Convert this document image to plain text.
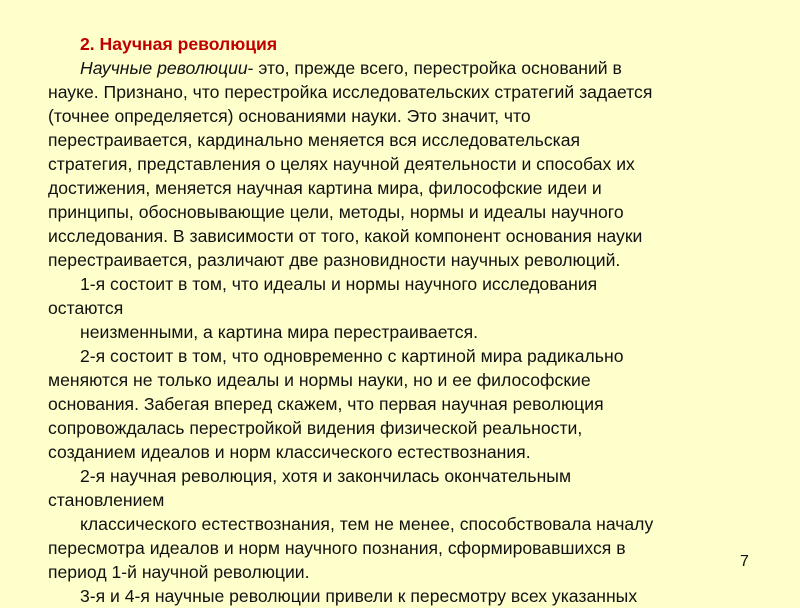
2. Научная революция
Научные революции- это, прежде всего, перестройка оснований в
науке. Признано, что перестройка исследовательских стратегий задается
(точнее определяется) основаниями науки. Это значит, что
перестраивается, кардинально меняется вся исследовательская
стратегия, представления о целях научной деятельности и способах их
достижения, меняется научная картина мира, философские идеи и
принципы, обосновывающие цели, методы, нормы и идеалы научного
исследования. В зависимости от того, какой компонент основания науки
перестраивается, различают две разновидности научных революций.
1-я состоит в том, что идеалы и нормы научного исследования
остаются
неизменными, а картина мира перестраивается.
2-я состоит в том, что одновременно с картиной мира радикально
меняются не только идеалы и нормы науки, но и ее философские
основания. Забегая вперед скажем, что первая научная революция
сопровождалась перестройкой видения физической реальности,
созданием идеалов и норм классического естествознания.
2-я научная революция, хотя и закончилась окончательным
становлением
классического естествознания, тем не менее, способствовала началу
пересмотра идеалов и норм научного познания, сформировавшихся в
период 1-й научной революции.
3-я и 4-я научные революции привели к пересмотру всех указанных
7
